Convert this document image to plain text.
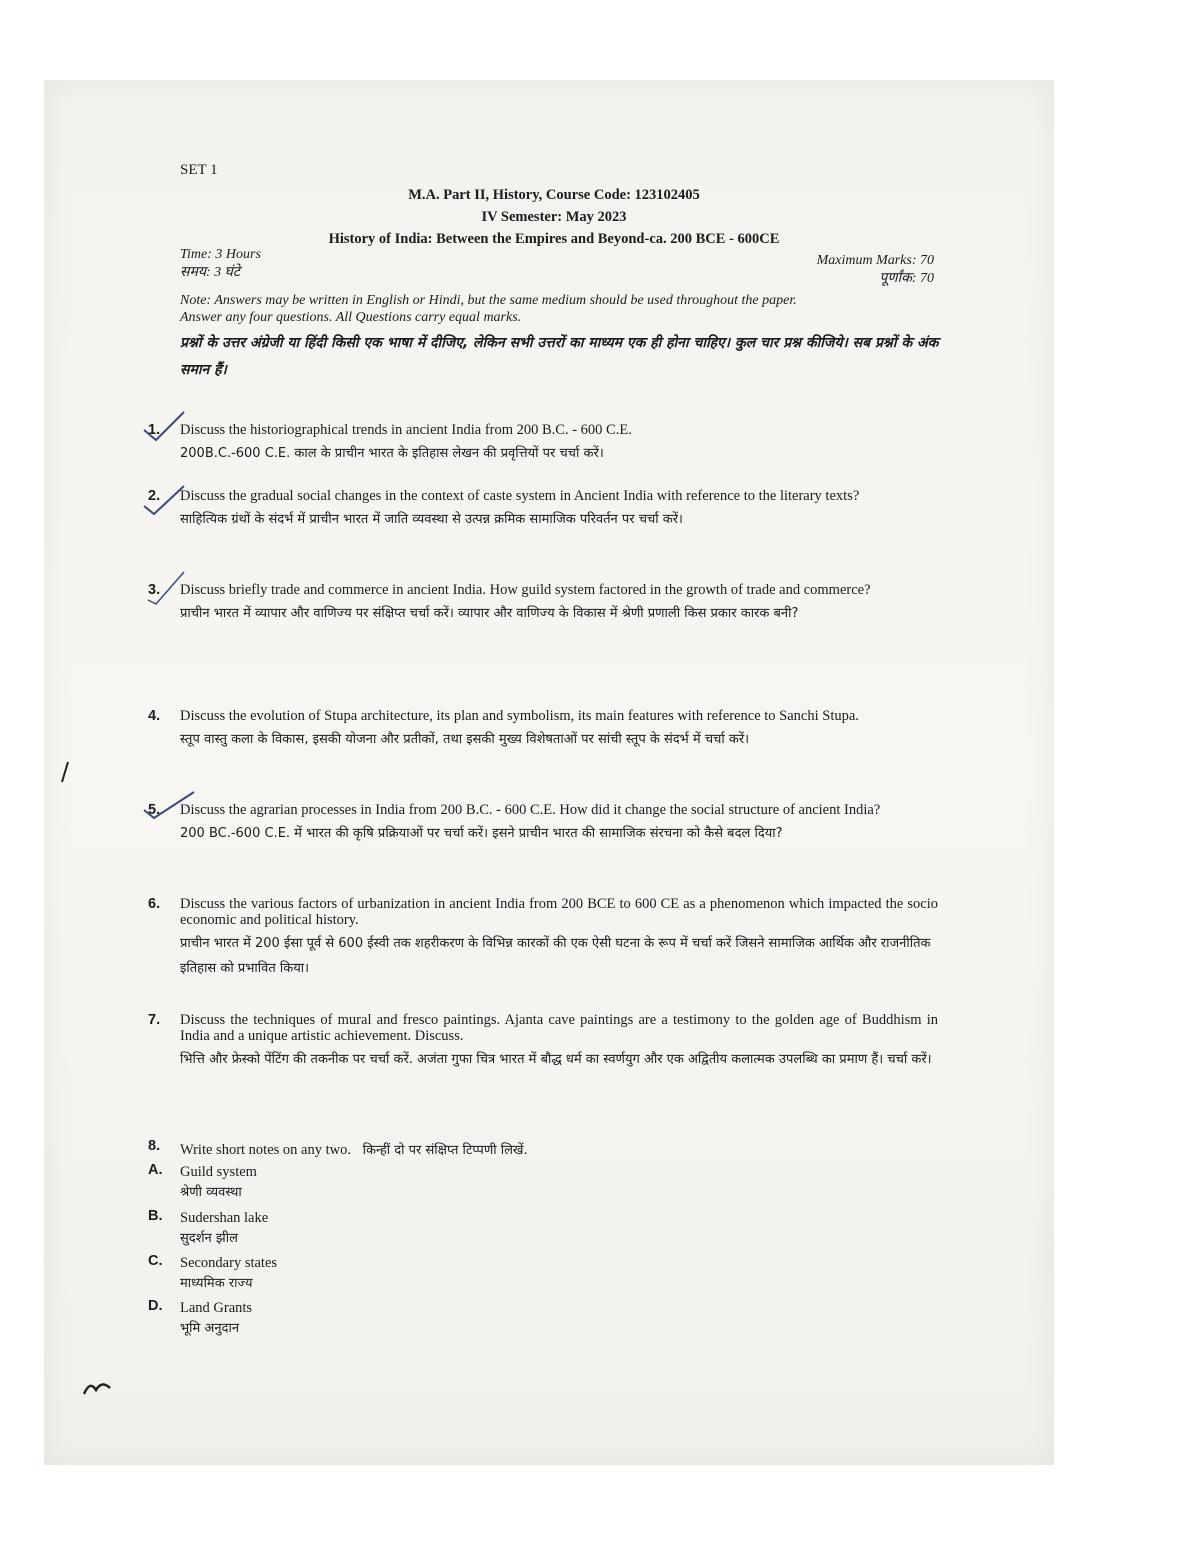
SET 1
M.A. Part II, History, Course Code: 123102405
IV Semester: May 2023
History of India: Between the Empires and Beyond-ca. 200 BCE - 600CE
Time: 3 Hours
समय: 3 घंटे
Maximum Marks: 70
पूर्णांक: 70
Note: Answers may be written in English or Hindi, but the same medium should be used throughout the paper.
Answer any four questions. All Questions carry equal marks.
प्रश्नों के उत्तर अंग्रेजी या हिंदी किसी एक भाषा में दीजिए, लेकिन सभी उत्तरों का माध्यम एक ही होना चाहिए। कुल चार प्रश्न कीजिये। सब प्रश्नों के अंक समान हैं।
1.	Discuss the historiographical trends in ancient India from 200 B.C. - 600 C.E.
200B.C.-600 C.E. काल के प्राचीन भारत के इतिहास लेखन की प्रवृत्तियों पर चर्चा करें।
2.	Discuss the gradual social changes in the context of caste system in Ancient India with reference to the literary texts?
साहित्यिक ग्रंथों के संदर्भ में प्राचीन भारत में जाति व्यवस्था से उत्पन्न क्रमिक सामाजिक परिवर्तन पर चर्चा करें।
3.	Discuss briefly trade and commerce in ancient India. How guild system factored in the growth of trade and commerce?
प्राचीन भारत में व्यापार और वाणिज्य पर संक्षिप्त चर्चा करें। व्यापार और वाणिज्य के विकास में श्रेणी प्रणाली किस प्रकार कारक बनी?
4.	Discuss the evolution of Stupa architecture, its plan and symbolism, its main features with reference to Sanchi Stupa.
स्तूप वास्तु कला के विकास, इसकी योजना और प्रतीकों, तथा इसकी मुख्य विशेषताओं पर सांची स्तूप के संदर्भ में चर्चा करें।
5.	Discuss the agrarian processes in India from 200 B.C. - 600 C.E. How did it change the social structure of ancient India?
200 BC.-600 C.E. में भारत की कृषि प्रक्रियाओं पर चर्चा करें। इसने प्राचीन भारत की सामाजिक संरचना को कैसे बदल दिया?
6.	Discuss the various factors of urbanization in ancient India from 200 BCE to 600 CE as a phenomenon which impacted the socio economic and political history.
प्राचीन भारत में 200 ईसा पूर्व से 600 ईस्वी तक शहरीकरण के विभिन्न कारकों की एक ऐसी घटना के रूप में चर्चा करें जिसने सामाजिक आर्थिक और राजनीतिक इतिहास को प्रभावित किया।
7.	Discuss the techniques of mural and fresco paintings. Ajanta cave paintings are a testimony to the golden age of Buddhism in India and a unique artistic achievement. Discuss.
भित्ति और फ्रेस्को पेंटिंग की तकनीक पर चर्चा करें. अजंता गुफा चित्र भारत में बौद्ध धर्म का स्वर्णयुग और एक अद्वितीय कलात्मक उपलब्धि का प्रमाण हैं। चर्चा करें।
8.	Write short notes on any two. किन्हीं दो पर संक्षिप्त टिप्पणी लिखें.
A.	Guild system
श्रेणी व्यवस्था
B.	Sudershan lake
सुदर्शन झील
C.	Secondary states
माध्यमिक राज्य
D.	Land Grants
भूमि अनुदान
